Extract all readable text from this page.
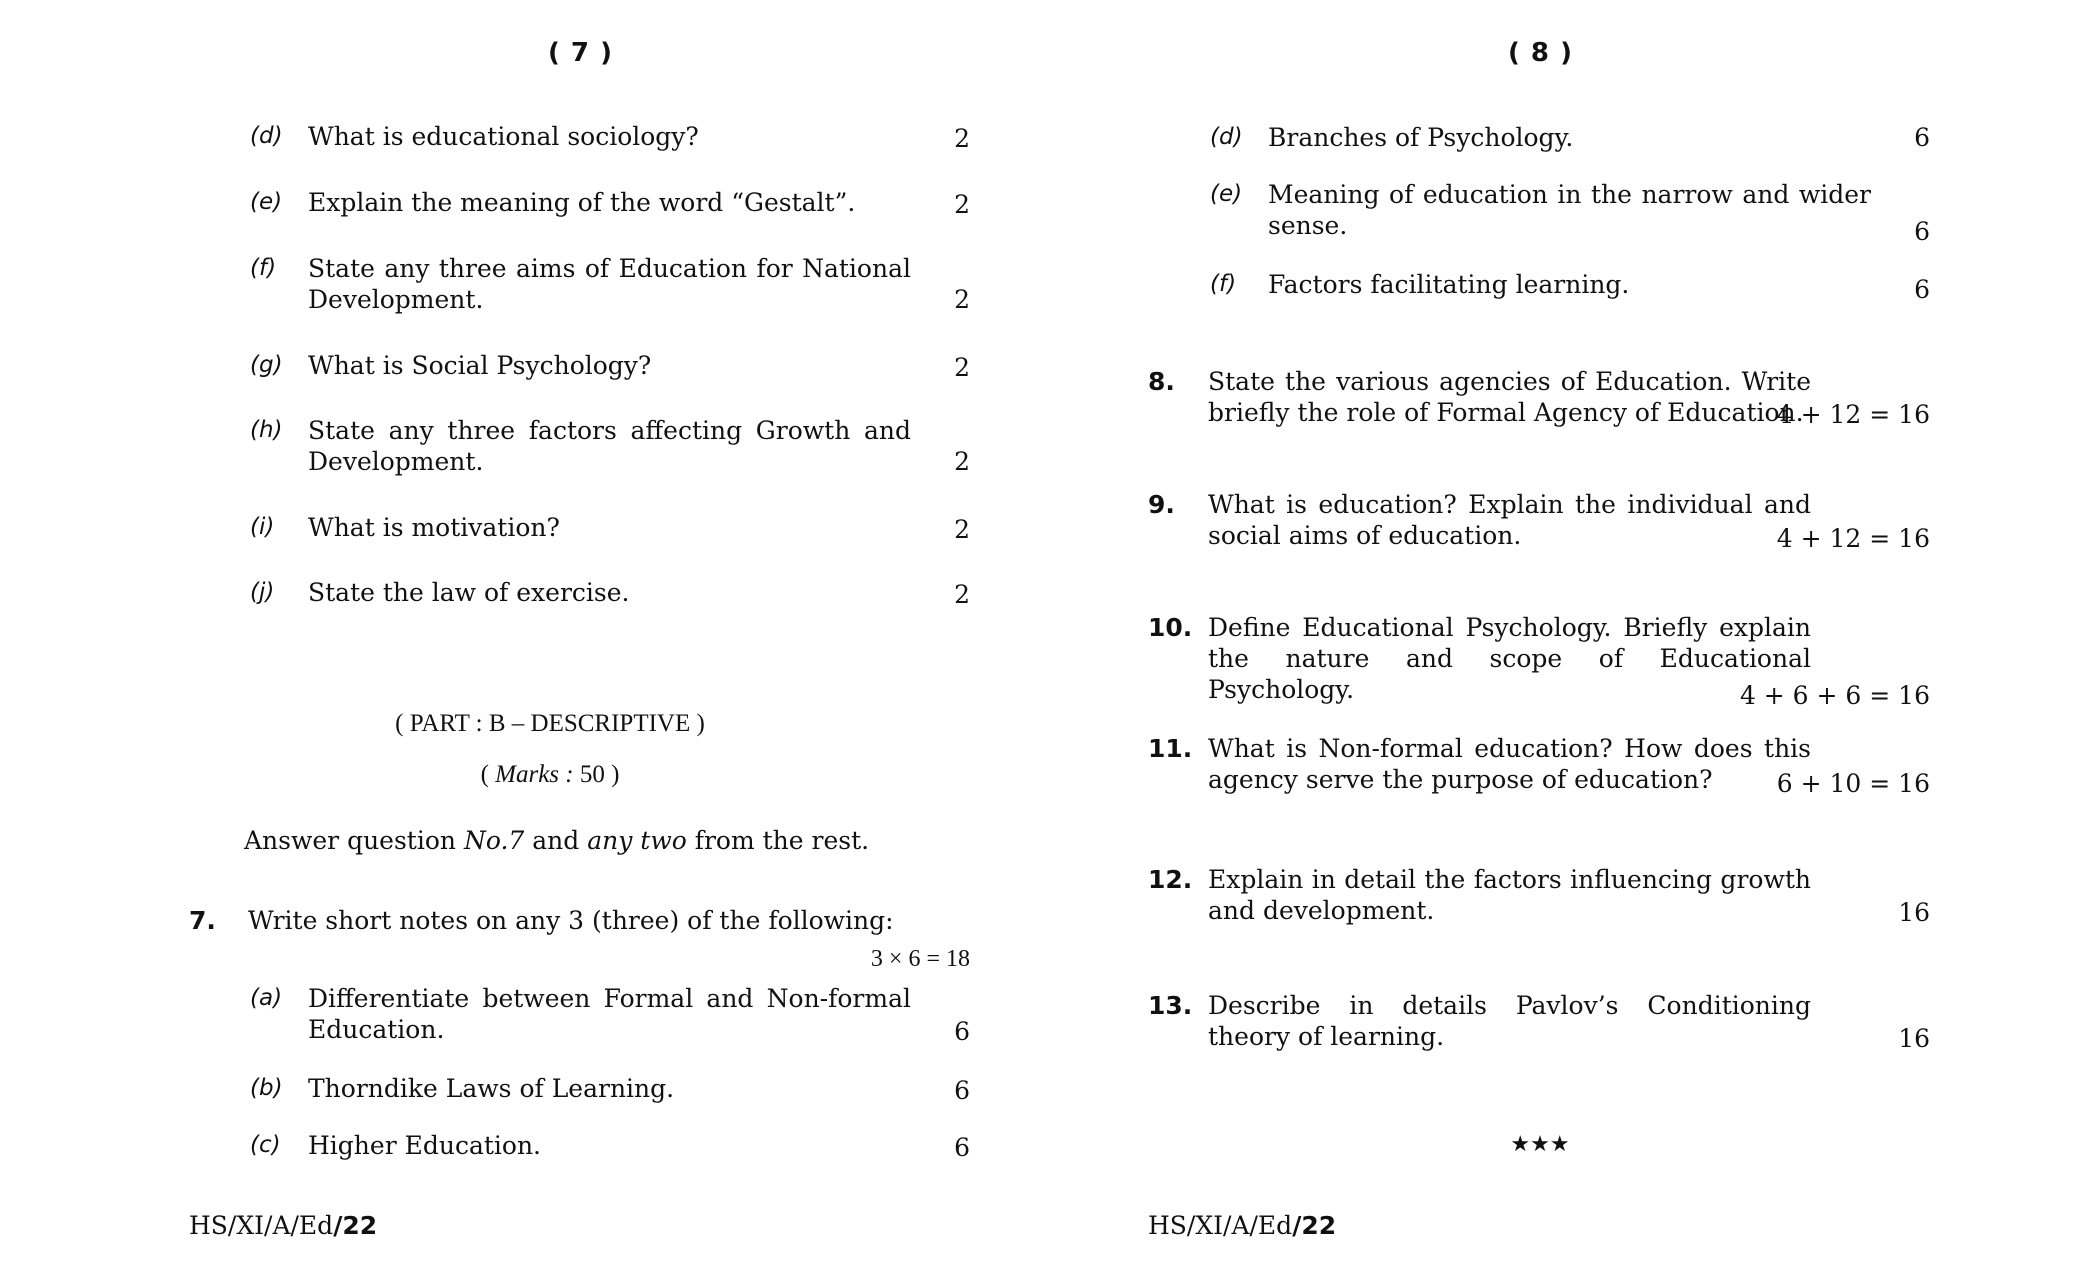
( 7 )
(d) What is educational sociology?	2
(e) Explain the meaning of the word “Gestalt”.	2
(f) State any three aims of Education for National Development.	2
(g) What is Social Psychology?	2
(h) State any three factors affecting Growth and Development.	2
(i) What is motivation?	2
(j) State the law of exercise.	2
( PART : B – DESCRIPTIVE )
( Marks : 50 )
Answer question No.7 and any two from the rest.
7. Write short notes on any 3 (three) of the following:
3 × 6 = 18
(a) Differentiate between Formal and Non-formal Education.	6
(b) Thorndike Laws of Learning.	6
(c) Higher Education.	6
HS/XI/A/Ed/22
( 8 )
(d) Branches of Psychology.	6
(e) Meaning of education in the narrow and wider sense.	6
(f) Factors facilitating learning.	6
8. State the various agencies of Education. Write briefly the role of Formal Agency of Education.
4 + 12 = 16
9. What is education? Explain the individual and social aims of education.	4 + 12 = 16
10. Define Educational Psychology. Briefly explain the nature and scope of Educational Psychology.	4 + 6 + 6 = 16
11. What is Non-formal education? How does this agency serve the purpose of education?	6 + 10 = 16
12. Explain in detail the factors influencing growth and development.	16
13. Describe in details Pavlov’s Conditioning theory of learning.	16
★★★
HS/XI/A/Ed/22
